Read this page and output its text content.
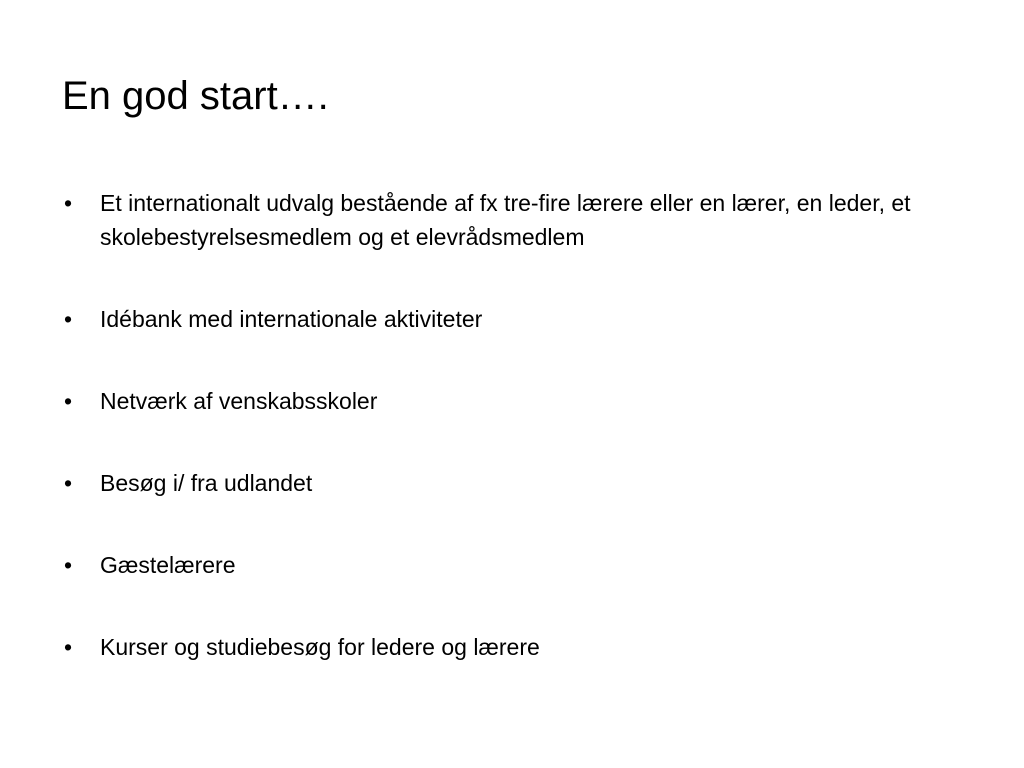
En god start….
• Et internationalt udvalg bestående af fx tre-fire lærere eller en lærer, en leder, et skolebestyrelsesmedlem og et elevrådsmedlem
• Idébank med internationale aktiviteter
• Netværk af venskabsskoler
• Besøg i/ fra udlandet
• Gæstelærere
• Kurser og studiebesøg for ledere og lærere
